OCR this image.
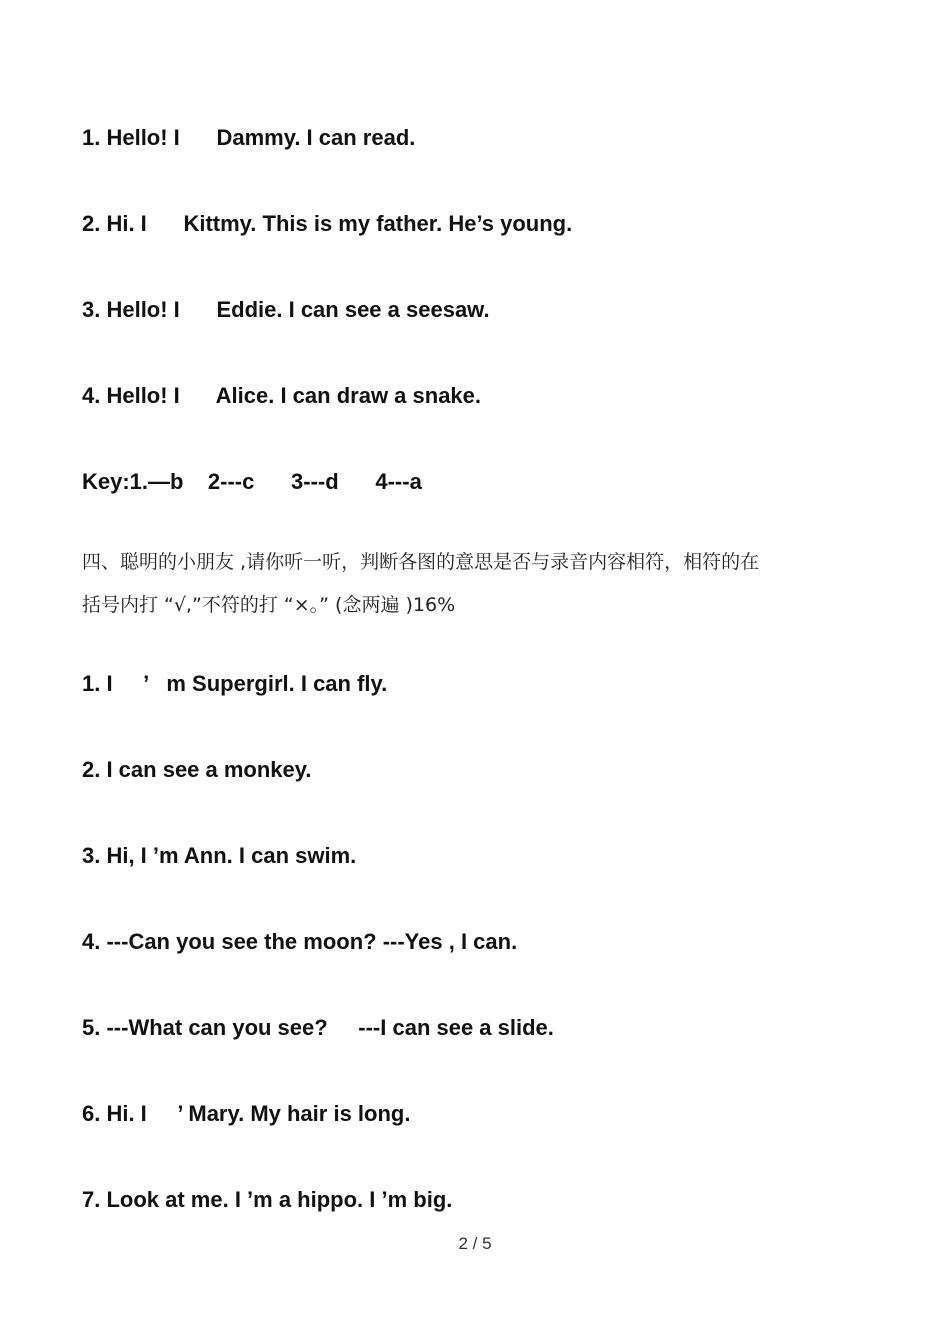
1. Hello! I      Dammy. I can read.
2. Hi. I      Kittmy. This is my father. He’s young.
3. Hello! I      Eddie. I can see a seesaw.
4. Hello! I      Alice. I can draw a snake.
Key:1.—b    2---c      3---d      4---a
四、聪明的小朋友 ,请你听一听，判断各图的意思是否与录音内容相符，相符的在
括号内打 “√,”不符的打 “×。” (念两遍 )16%
1. I     ’   m Supergirl. I can fly.
2. I can see a monkey.
3. Hi, I ’m Ann. I can swim.
4. ---Can you see the moon? ---Yes , I can.
5. ---What can you see?     ---I can see a slide.
6. Hi. I     ’ Mary. My hair is long.
7. Look at me. I ’m a hippo. I ’m big.
2 / 5
